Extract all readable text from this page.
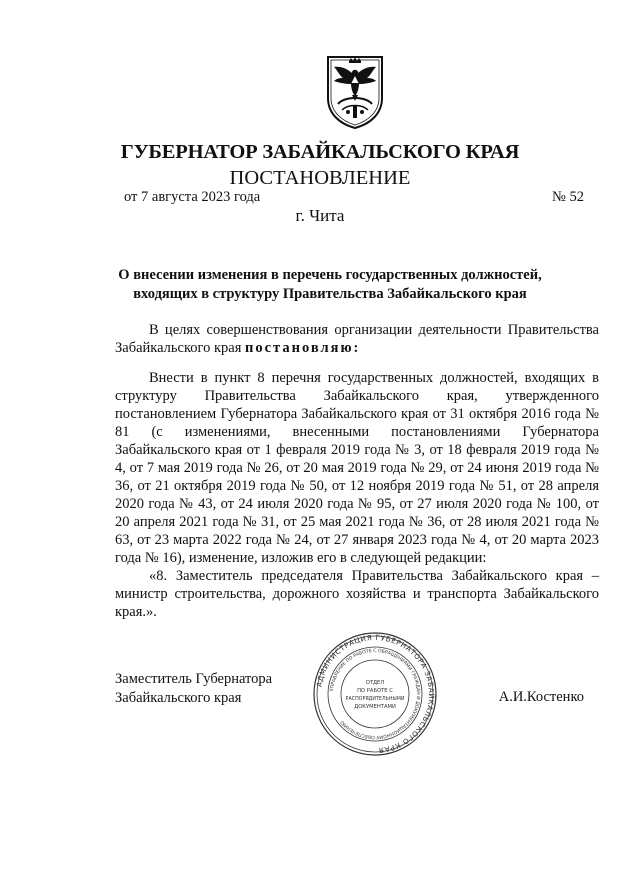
ГУБЕРНАТОР ЗАБАЙКАЛЬСКОГО КРАЯ
ПОСТАНОВЛЕНИЕ
от 7 августа 2023 года	№ 52
г. Чита
О внесении изменения в перечень государственных должностей,
входящих в структуру Правительства Забайкальского края
В целях совершенствования организации деятельности Правительства Забайкальского края постановляю:
Внести в пункт 8 перечня государственных должностей, входящих в структуру Правительства Забайкальского края, утвержденного постановлением Губернатора Забайкальского края от 31 октября 2016 года № 81 (с изменениями, внесенными постановлениями Губернатора Забайкальского края от 1 февраля 2019 года № 3, от 18 февраля 2019 года № 4, от 7 мая 2019 года № 26, от 20 мая 2019 года № 29, от 24 июня 2019 года № 36, от 21 октября 2019 года № 50, от 12 ноября 2019 года № 51, от 28 апреля 2020 года № 43, от 24 июля 2020 года № 95, от 27 июля 2020 года № 100, от 20 апреля 2021 года № 31, от 25 мая 2021 года № 36, от 28 июля 2021 года № 63, от 23 марта 2022 года № 24, от 27 января 2023 года № 4, от 20 марта 2023 года № 16), изменение, изложив его в следующей редакции:
«8. Заместитель председателя Правительства Забайкальского края – министр строительства, дорожного хозяйства и транспорта Забайкальского края.».
Заместитель Губернатора
Забайкальского края	А.И.Костенко
АДМИНИСТРАЦИЯ ГУБЕРНАТОРА ЗАБАЙКАЛЬСКОГО КРАЯ
УПРАВЛЕНИЕ ПО РАБОТЕ С ОБРАЩЕНИЯМИ ГРАЖДАН И ДОКУМЕНТАЦИОННОМУ ОБЕСПЕЧЕНИЮ
ОТДЕЛ
ПО РАБОТЕ С
РАСПОРЯДИТЕЛЬНЫМИ
ДОКУМЕНТАМИ
